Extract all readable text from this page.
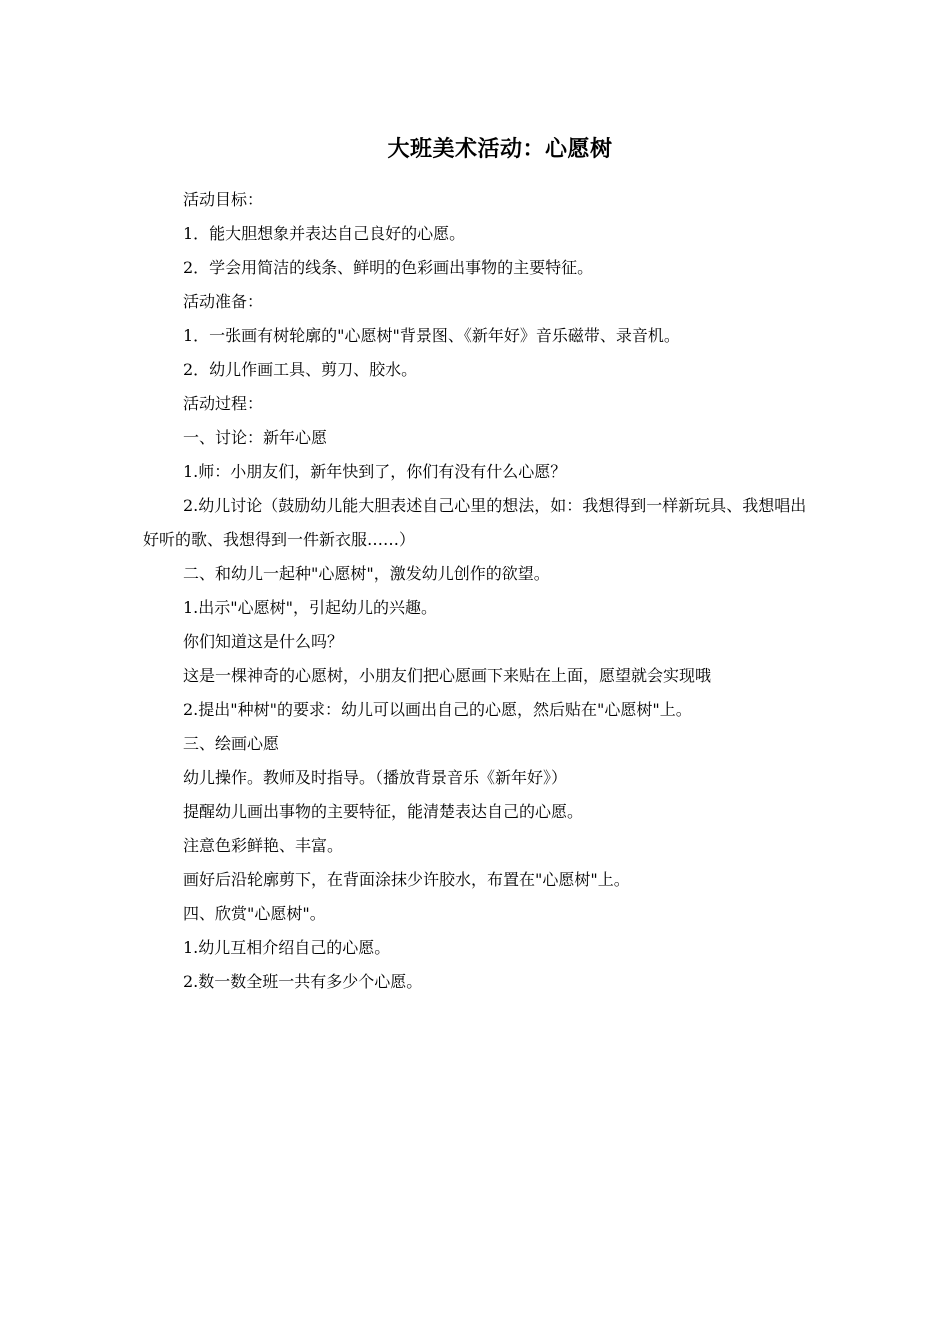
大班美术活动：心愿树

活动目标：

1．能大胆想象并表达自己良好的心愿。

2．学会用简洁的线条、鲜明的色彩画出事物的主要特征。

活动准备：

1．一张画有树轮廓的"心愿树"背景图、《新年好》音乐磁带、录音机。

2．幼儿作画工具、剪刀、胶水。

活动过程：

一、讨论：新年心愿

1.师：小朋友们，新年快到了，你们有没有什么心愿？

2.幼儿讨论（鼓励幼儿能大胆表述自己心里的想法，如：我想得到一样新玩具、我想唱出好听的歌、我想得到一件新衣服……）

二、和幼儿一起种"心愿树"，激发幼儿创作的欲望。

1.出示"心愿树"，引起幼儿的兴趣。

你们知道这是什么吗？

这是一棵神奇的心愿树，小朋友们把心愿画下来贴在上面，愿望就会实现哦

2.提出"种树"的要求：幼儿可以画出自己的心愿，然后贴在"心愿树"上。

三、绘画心愿

幼儿操作。教师及时指导。（播放背景音乐《新年好》）

提醒幼儿画出事物的主要特征，能清楚表达自己的心愿。

注意色彩鲜艳、丰富。

画好后沿轮廓剪下，在背面涂抹少许胶水，布置在"心愿树"上。

四、欣赏"心愿树"。

1.幼儿互相介绍自己的心愿。

2.数一数全班一共有多少个心愿。
